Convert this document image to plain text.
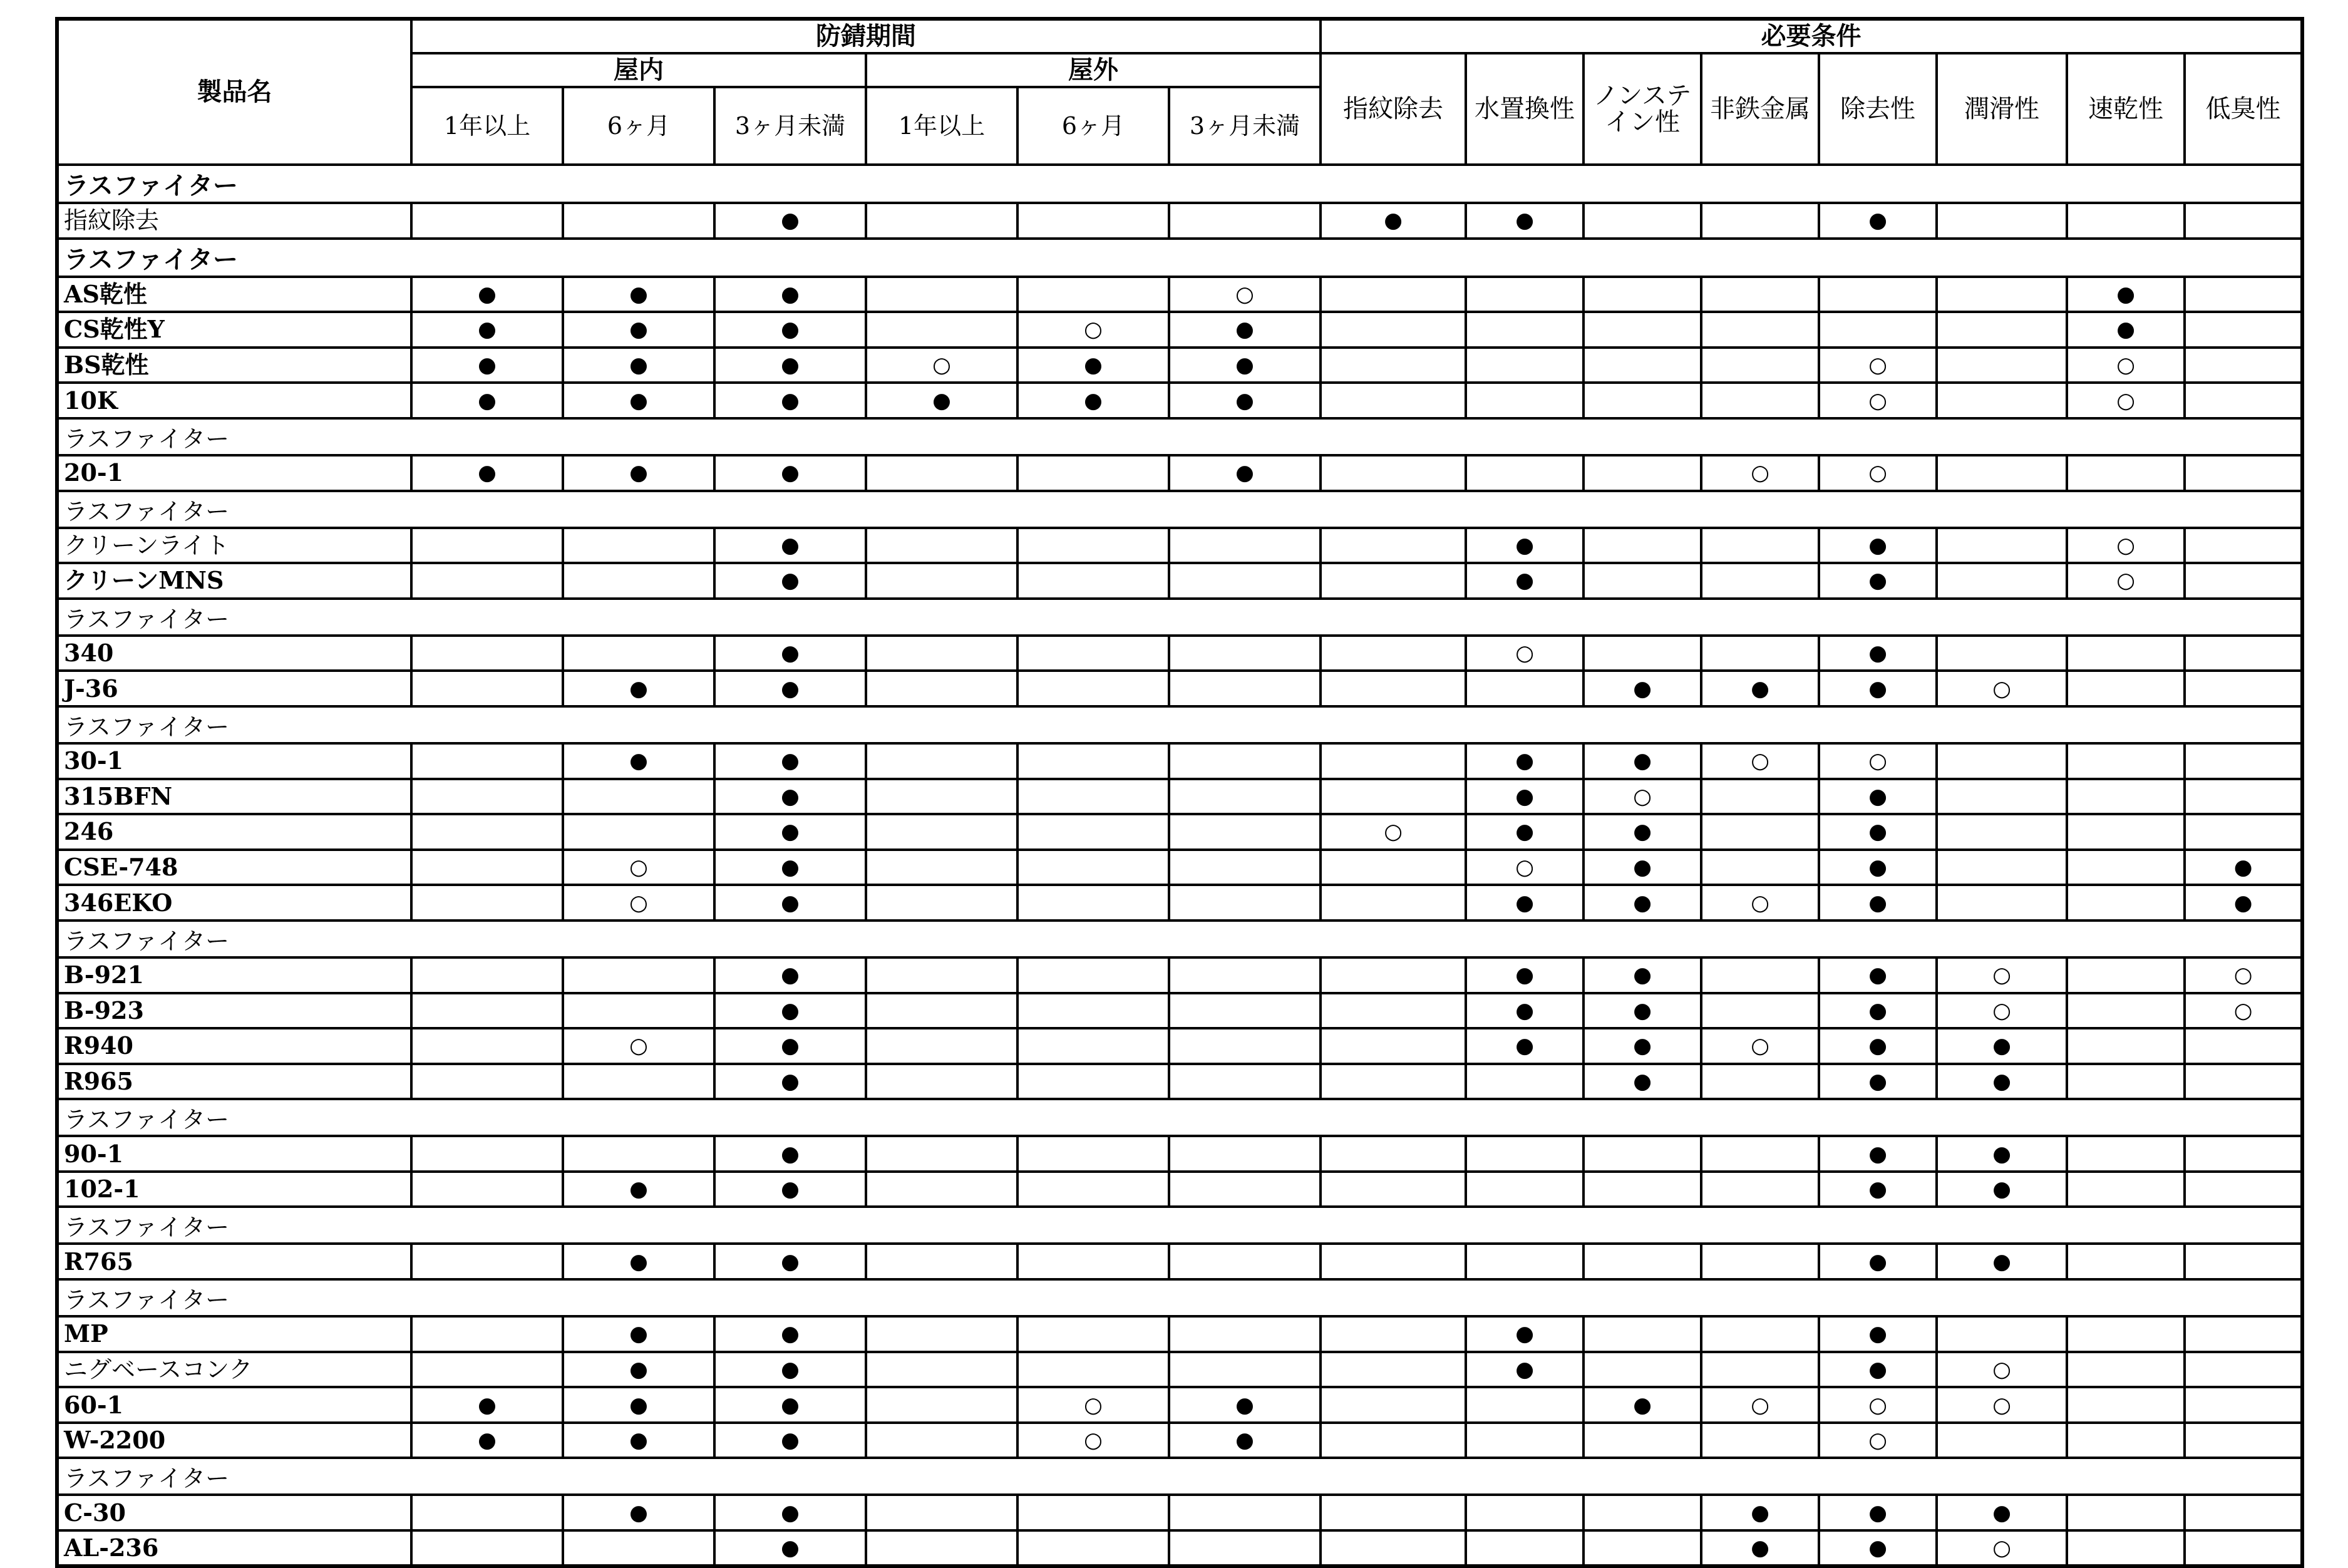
製品名	防錆期間						必要条件							
	屋内			屋外			指紋除去	水置換性	ノンステイン性	非鉄金属	除去性	潤滑性	速乾性	低臭性
	1年以上	6ヶ月	3ヶ月未満	1年以上	6ヶ月	3ヶ月未満								
ラスファイター														
指紋除去			●				●	●			●			
ラスファイター														
AS乾性	●	●	●			○							●	
CS乾性Y	●	●	●		○	●							●	
BS乾性	●	●	●	○	●	●					○		○	
10K	●	●	●	●	●	●					○		○	
ラスファイター														
20-1	●	●	●			●				○	○			
ラスファイター														
クリーンライト			●					●			●		○	
クリーンMNS			●					●			●		○	
ラスファイター														
340			●					○			●			
J-36		●	●						●	●	●	○		
ラスファイター														
30-1		●	●					●	●	○	○			
315BFN			●					●	○		●			
246			●				○	●	●		●			
CSE-748		○	●					○	●		●			●
346EKO		○	●					●	●	○	●			●
ラスファイター														
B-921			●					●	●		●	○		○
B-923			●					●	●		●	○		○
R940		○	●					●	●	○	●	●		
R965			●						●		●	●		
ラスファイター														
90-1			●								●	●		
102-1		●	●								●	●		
ラスファイター														
R765		●	●								●	●		
ラスファイター														
MP		●	●					●			●			
ニグベースコンク		●	●					●			●	○		
60-1	●	●	●		○	●			●	○	○	○		
W-2200	●	●	●		○	●					○			
ラスファイター														
C-30		●	●							●	●	●		
AL-236			●							●	●	○		
